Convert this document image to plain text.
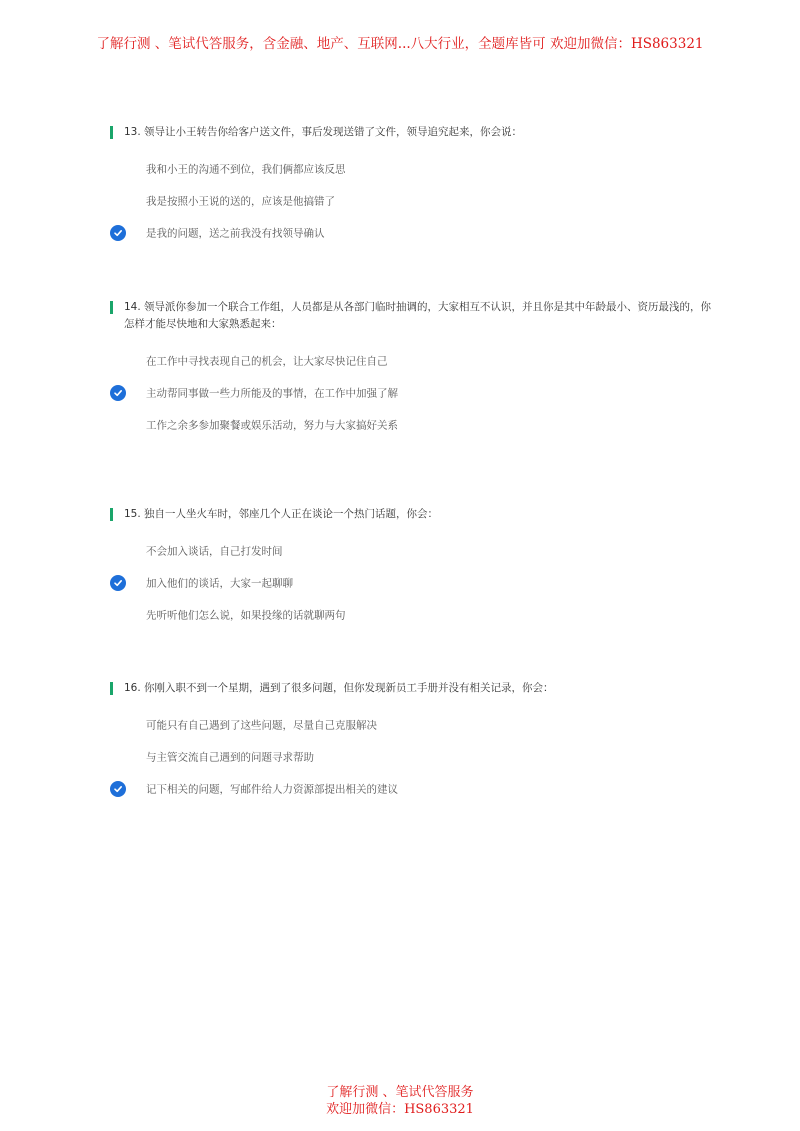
了解行测 、笔试代答服务，含金融、地产、互联网...八大行业，全题库皆可 欢迎加微信：HS863321
13. 领导让小王转告你给客户送文件，事后发现送错了文件，领导追究起来，你会说：
我和小王的沟通不到位，我们俩都应该反思
我是按照小王说的送的，应该是他搞错了
是我的问题，送之前我没有找领导确认
14. 领导派你参加一个联合工作组，人员都是从各部门临时抽调的，大家相互不认识，并且你是其中年龄最小、资历最浅的，你怎样才能尽快地和大家熟悉起来：
在工作中寻找表现自己的机会，让大家尽快记住自己
主动帮同事做一些力所能及的事情，在工作中加强了解
工作之余多参加聚餐或娱乐活动，努力与大家搞好关系
15. 独自一人坐火车时，邻座几个人正在谈论一个热门话题，你会：
不会加入谈话，自己打发时间
加入他们的谈话，大家一起聊聊
先听听他们怎么说，如果投缘的话就聊两句
16. 你刚入职不到一个星期，遇到了很多问题，但你发现新员工手册并没有相关记录，你会：
可能只有自己遇到了这些问题，尽量自己克服解决
与主管交流自己遇到的问题寻求帮助
记下相关的问题，写邮件给人力资源部提出相关的建议
了解行测 、笔试代答服务
欢迎加微信：HS863321
